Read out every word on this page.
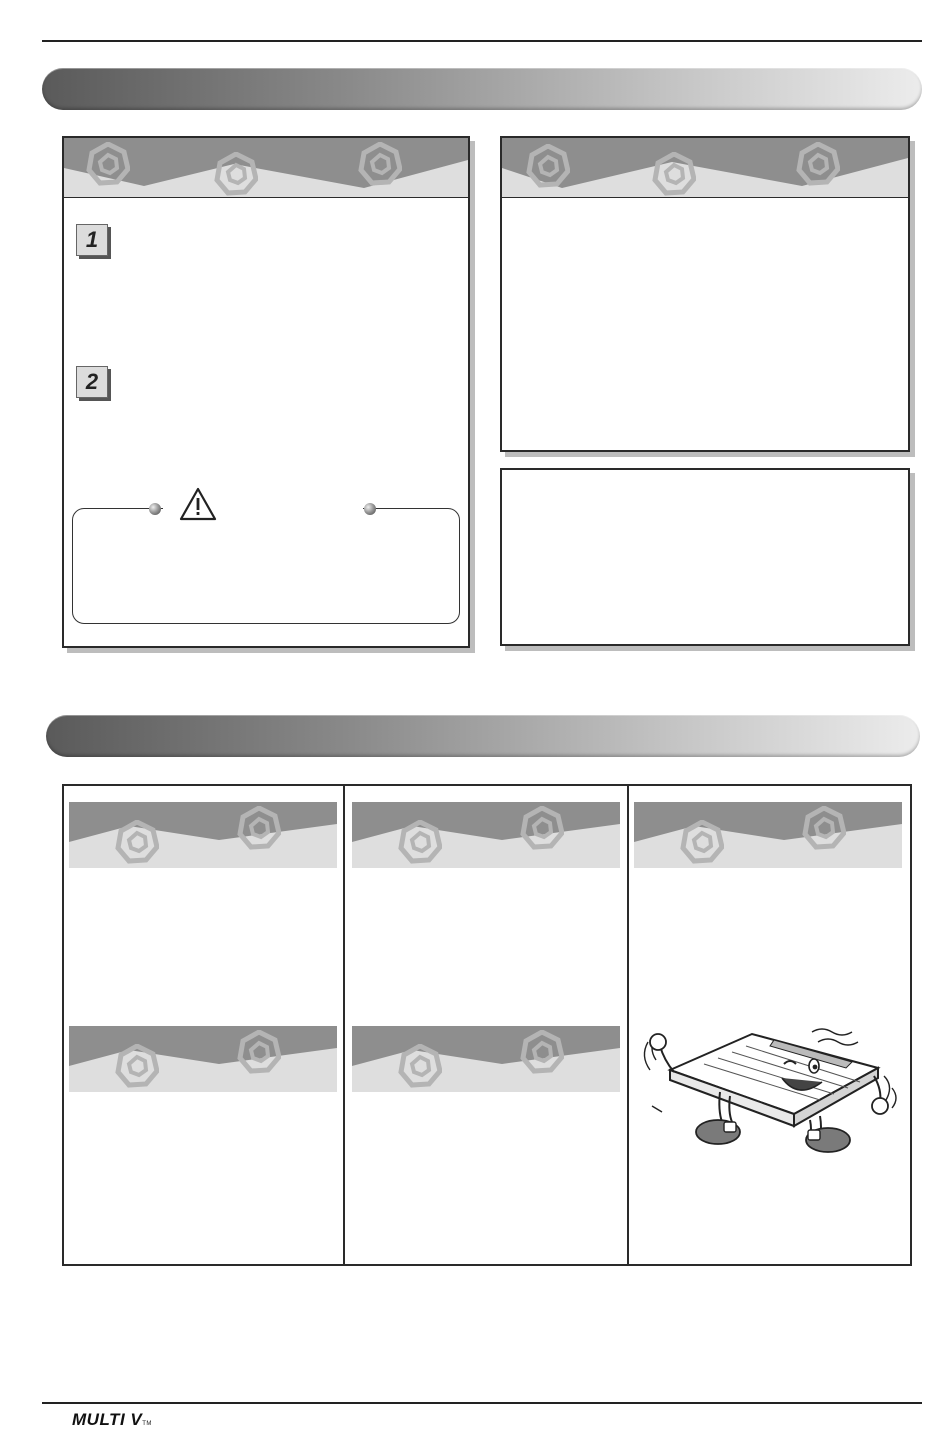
1
2
MULTI VTM
